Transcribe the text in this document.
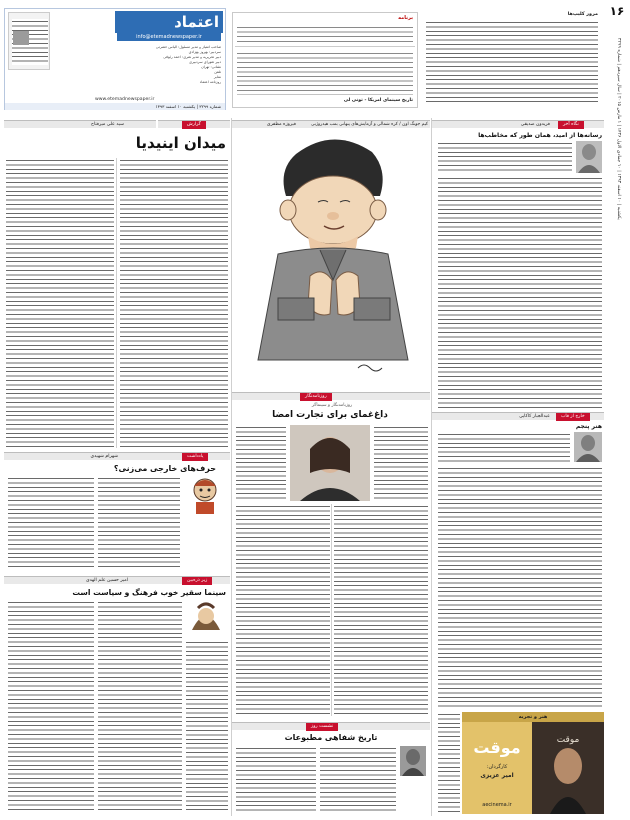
اعتماد
info@etemadnewspaper.ir
صاحب امتیاز و مدیر مسئول: الیاس حضرتی
سردبیر: بهروز بهزادی
دبیر تحریریه و مدیر هنری: احمد رئوفی
دبیر شورای سردبیری
نشانی: تهران
تلفن
نمابر
روزنامه اعتماد
www.etemadnewspaper.ir
شماره ۳۲۹۹ | یکشنبه ۱۰ اسفند ۱۳۹۳
برنامه
تاریخ سینمای امریکا - تونی لی
مرور کلیپ‌ها ۱۶
یکشنبه | ۱۰ اسفند ۱۳۹۳ | ۱۰ جمادی الاول ۱۴۳۶ | ۱ مارس ۲۰۱۵ | سال سیزدهم | شماره ۳۲۹۹
سید علی میرفتاح	گزارش	فیروزه مظفری	کیم جونگ اون / کره شمالی و آزمایش‌های پنهانی بمب هیدروژنی	فریدون صدیقی	نگاه آخر
میدان اینیدیا	رسانه‌ها از امید، همان طور که مخاطب‌ها
روزنامه‌نگار
روزنامه‌نگار و سینماگر
داغ‌غمای برای تجارت امضا	خارج از قاب
عبدالجبار کاکایی
هنر پنجم
یادداشت
شهرام شهیدی
حرف‌های خارجی می‌زنی؟
زیر ذره‌بین
امیر حسین علم الهدی
سینما سقیر خوب فرهنگ و سیاست است
نشست روز
تاریخ شفاهی مطبوعات
هنر و تجربه
موقت
کارگردان:
امیر عزیزی
aecinema.ir
موقت
